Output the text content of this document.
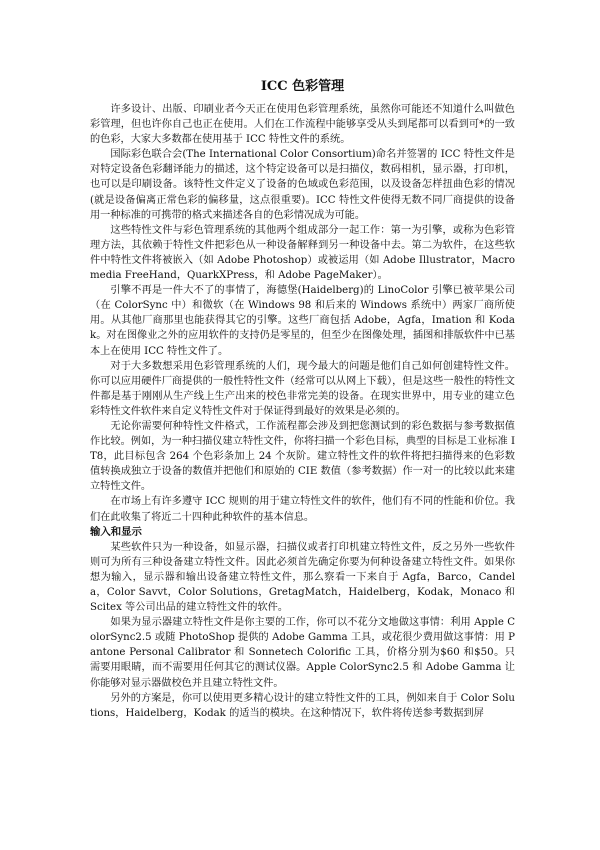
ICC 色彩管理

许多设计、出版、印刷业者今天正在使用色彩管理系统，虽然你可能还不知道什么叫做色彩管理，但也许你自己也正在使用。人们在工作流程中能够享受从头到尾都可以看到可*的一致的色彩，大家大多数都在使用基于 ICC 特性文件的系统。

国际彩色联合会(The International Color Consortium)命名并签署的 ICC 特性文件是对特定设备色彩翻译能力的描述，这个特定设备可以是扫描仪，数码相机，显示器，打印机，也可以是印刷设备。该特性文件定义了设备的色域或色彩范围，以及设备怎样扭曲色彩的情况(就是设备偏离正常色彩的偏移量，这点很重要)。ICC 特性文件使得无数不同厂商提供的设备用一种标准的可携带的格式来描述各自的色彩情况成为可能。

这些特性文件与彩色管理系统的其他两个组成部分一起工作：第一为引擎，或称为色彩管理方法，其依赖于特性文件把彩色从一种设备解释到另一种设备中去。第二为软件，在这些软件中特性文件将被嵌入（如 Adobe Photoshop）或被运用（如 Adobe Illustrator，Macromedia FreeHand，QuarkXPress，和 Adobe PageMaker）。

引擎不再是一件大不了的事情了，海德堡(Haidelberg)的 LinoColor 引擎已被苹果公司（在 ColorSync 中）和微软（在 Windows 98 和后来的 Windows 系统中）两家厂商所使用。从其他厂商那里也能获得其它的引擎。这些厂商包括 Adobe，Agfa，Imation 和 Kodak。对在图像业之外的应用软件的支持仍是零星的，但至少在图像处理，插图和排版软件中已基本上在使用 ICC 特性文件了。

对于大多数想采用色彩管理系统的人们，现今最大的问题是他们自己如何创建特性文件。你可以应用硬件厂商提供的一般性特性文件（经常可以从网上下载），但是这些一般性的特性文件都是基于刚刚从生产线上生产出来的校色非常完美的设备。在现实世界中，用专业的建立色彩特性文件软件来自定义特性文件对于保证得到最好的效果是必须的。

无论你需要何种特性文件格式，工作流程都会涉及到把您测试到的彩色数据与参考数据值作比较。例如，为一种扫描仪建立特性文件，你将扫描一个彩色目标，典型的目标是工业标准 IT8，此目标包含 264 个色彩条加上 24 个灰阶。建立特性文件的软件将把扫描得来的色彩数值转换成独立于设备的数值并把他们和原始的 CIE 数值（参考数据）作一对一的比较以此来建立特性文件。

在市场上有许多遵守 ICC 规则的用于建立特性文件的软件，他们有不同的性能和价位。我们在此收集了将近二十四种此种软件的基本信息。

输入和显示

某些软件只为一种设备，如显示器，扫描仪或者打印机建立特性文件，反之另外一些软件则可为所有三种设备建立特性文件。因此必须首先确定你要为何种设备建立特性文件。如果你想为输入，显示器和输出设备建立特性文件，那么察看一下来自于 Agfa，Barco，Candela，Color Savvt，Color Solutions，GretagMatch，Haidelberg，Kodak，Monaco 和 Scitex 等公司出品的建立特性文件的软件。

如果为显示器建立特性文件是你主要的工作，你可以不花分文地做这事情：利用 Apple ColorSync2.5 或随 PhotoShop 提供的 Adobe Gamma 工具，或花很少费用做这事情：用 Pantone Personal Calibrator 和 Sonnetech Colorific 工具，价格分别为$60 和$50。只需要用眼睛，而不需要用任何其它的测试仪器。Apple ColorSync2.5 和 Adobe Gamma 让你能够对显示器做校色并且建立特性文件。

另外的方案是，你可以使用更多精心设计的建立特性文件的工具，例如来自于 Color Solutions，Haidelberg，Kodak 的适当的模块。在这种情况下，软件将传送参考数据到屏
